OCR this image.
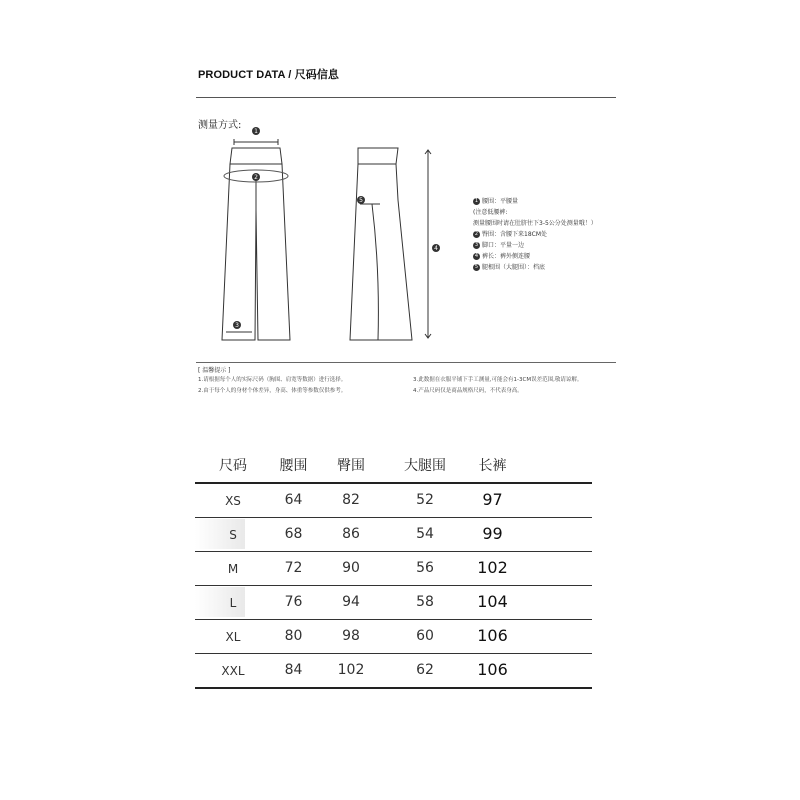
PRODUCT DATA / 尺码信息
测量方式:
1
2
3
4
5	1 腰围：平腰量
(注意低腰裤:
测量腰围时请在肚脐往下3-5公分处测量哦！）
2 臀围：含腰下来18CM处
3 脚口：平量一边
4 裤长：裤外侧连腰
5 腿根围（大腿围）：档底
[ 温馨提示 ]
1.请根据每个人的实际尺码（胸围、肩宽等数据）进行选择。
2.由于每个人的身材个体差异，身高、体重等参数仅供参考。
3.此数据在衣服平铺下手工测量,可能会有1-3CM误差范围,敬请谅解。
4.产品尺码仅是商品规格尺码，不代表身高。
尺码	腰围	臀围	大腿围	长裤
XS	64	82	52	97
S	68	86	54	99
M	72	90	56	102
L	76	94	58	104
XL	80	98	60	106
XXL	84	102	62	106
